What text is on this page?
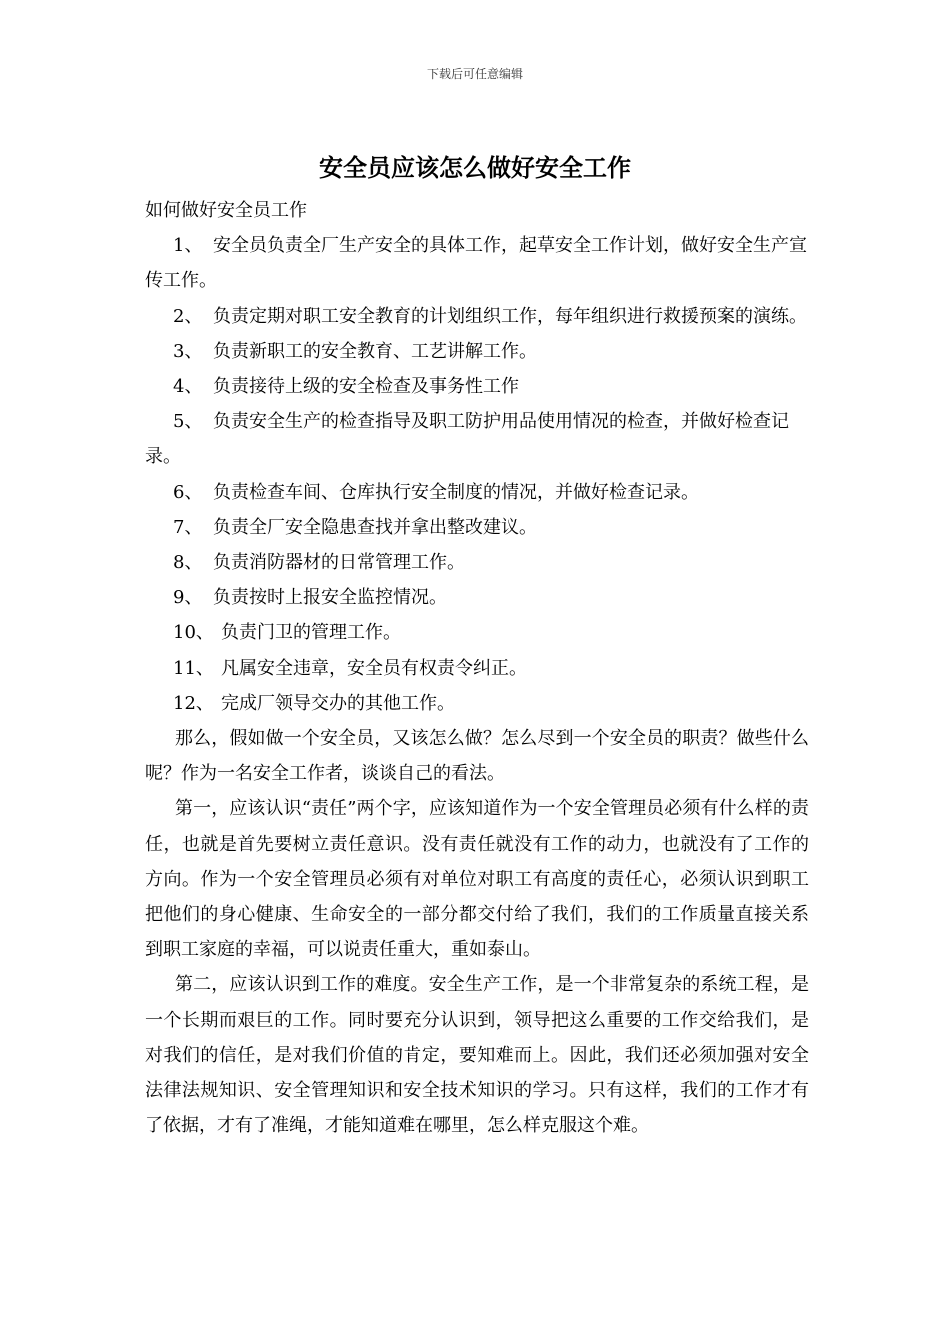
下载后可任意编辑
安全员应该怎么做好安全工作

如何做好安全员工作

1、 安全员负责全厂生产安全的具体工作，起草安全工作计划，做好安全生产宣传工作。

2、 负责定期对职工安全教育的计划组织工作，每年组织进行救援预案的演练。

3、 负责新职工的安全教育、工艺讲解工作。

4、 负责接待上级的安全检查及事务性工作

5、 负责安全生产的检查指导及职工防护用品使用情况的检查，并做好检查记录。

6、 负责检查车间、仓库执行安全制度的情况，并做好检查记录。

7、 负责全厂安全隐患查找并拿出整改建议。

8、 负责消防器材的日常管理工作。

9、 负责按时上报安全监控情况。

10、 负责门卫的管理工作。

11、 凡属安全违章，安全员有权责令纠正。

12、 完成厂领导交办的其他工作。

那么，假如做一个安全员，又该怎么做？怎么尽到一个安全员的职责？做些什么呢？作为一名安全工作者，谈谈自己的看法。

第一，应该认识“责任”两个字，应该知道作为一个安全管理员必须有什么样的责任，也就是首先要树立责任意识。没有责任就没有工作的动力，也就没有了工作的方向。作为一个安全管理员必须有对单位对职工有高度的责任心，必须认识到职工把他们的身心健康、生命安全的一部分都交付给了我们，我们的工作质量直接关系到职工家庭的幸福，可以说责任重大，重如泰山。

第二，应该认识到工作的难度。安全生产工作，是一个非常复杂的系统工程，是一个长期而艰巨的工作。同时要充分认识到，领导把这么重要的工作交给我们，是对我们的信任，是对我们价值的肯定，要知难而上。因此，我们还必须加强对安全法律法规知识、安全管理知识和安全技术知识的学习。只有这样，我们的工作才有了依据，才有了准绳，才能知道难在哪里，怎么样克服这个难。
